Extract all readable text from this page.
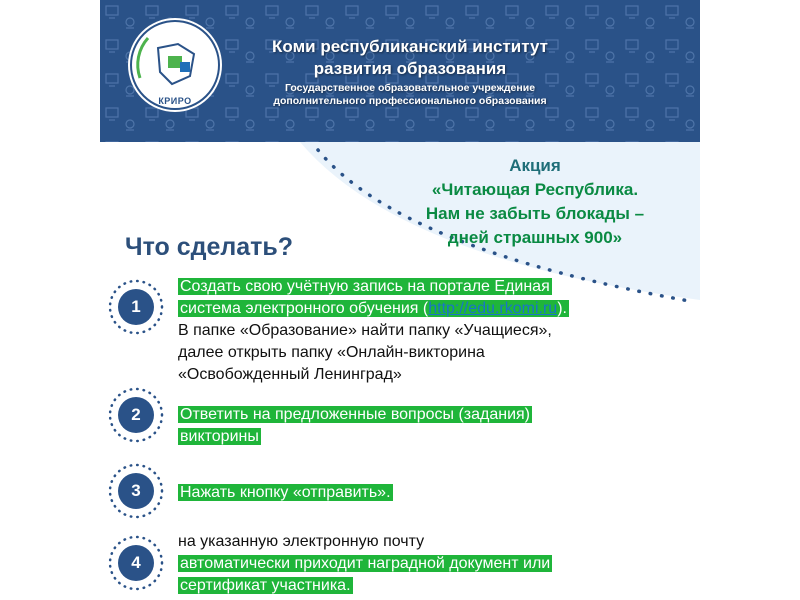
КРИРО
Коми республиканский институт
развития образования
Государственное образовательное учреждение
дополнительного профессионального образования
Акция
«Читающая Республика.
Нам не забыть блокады –
дней страшных 900»
Что сделать?
1
Создать свою учётную запись на портале Единая
система электронного обучения (http://edu.rkomi.ru).
В папке «Образование» найти папку «Учащиеся»,
далее открыть папку «Онлайн-викторина
«Освобожденный Ленинград»
2	Ответить на предложенные вопросы (задания)
викторины
3	Нажать кнопку «отправить».
4
на указанную электронную почту
автоматически приходит наградной документ или
сертификат участника.
